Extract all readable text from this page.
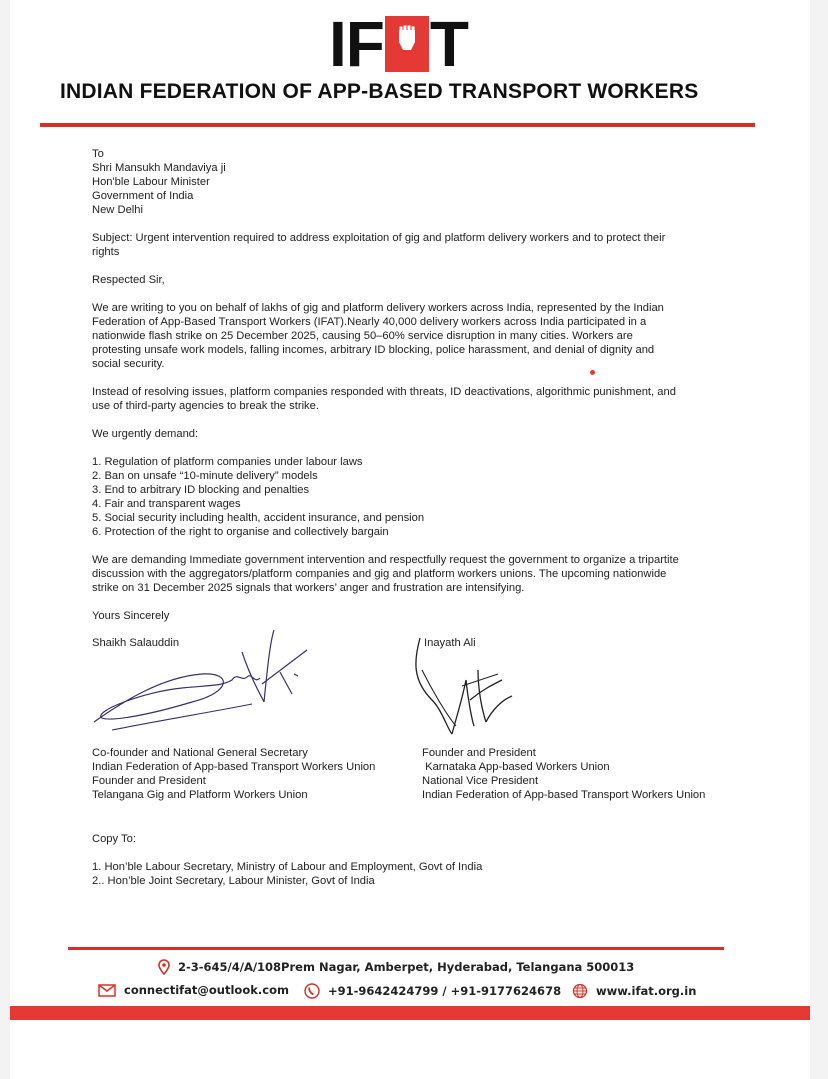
IF T
INDIAN FEDERATION OF APP-BASED TRANSPORT WORKERS

To

Shri Mansukh Mandaviya ji

Hon'ble Labour Minister

Government of India

New Delhi

Subject: Urgent intervention required to address exploitation of gig and platform delivery workers and to protect their

rights

Respected Sir,

We are writing to you on behalf of lakhs of gig and platform delivery workers across India, represented by the Indian

Federation of App-Based Transport Workers (IFAT).Nearly 40,000 delivery workers across India participated in a

nationwide flash strike on 25 December 2025, causing 50–60% service disruption in many cities. Workers are

protesting unsafe work models, falling incomes, arbitrary ID blocking, police harassment, and denial of dignity and

social security.

Instead of resolving issues, platform companies responded with threats, ID deactivations, algorithmic punishment, and

use of third-party agencies to break the strike.

We urgently demand:

1. Regulation of platform companies under labour laws

2. Ban on unsafe “10-minute delivery” models

3. End to arbitrary ID blocking and penalties

4. Fair and transparent wages

5. Social security including health, accident insurance, and pension

6. Protection of the right to organise and collectively bargain

We are demanding Immediate government intervention and respectfully request the government to organize a tripartite

discussion with the aggregators/platform companies and gig and platform workers unions. The upcoming nationwide

strike on 31 December 2025 signals that workers’ anger and frustration are intensifying.

Yours Sincerely

Shaikh Salauddin
Co-founder and National General Secretary
Indian Federation of App-based Transport Workers Union
Founder and President
Telangana Gig and Platform Workers Union
Inayath Ali
Founder and President
Karnataka App-based Workers Union
National Vice President
Indian Federation of App-based Transport Workers Union
Copy To:
1. Hon’ble Labour Secretary, Ministry of Labour and Employment, Govt of India
2.. Hon’ble Joint Secretary, Labour Minister, Govt of India
2-3-645/4/A/108Prem Nagar, Amberpet, Hyderabad, Telangana 500013
connectifat@outlook.com	+91-9642424799 / +91-9177624678	www.ifat.org.in
